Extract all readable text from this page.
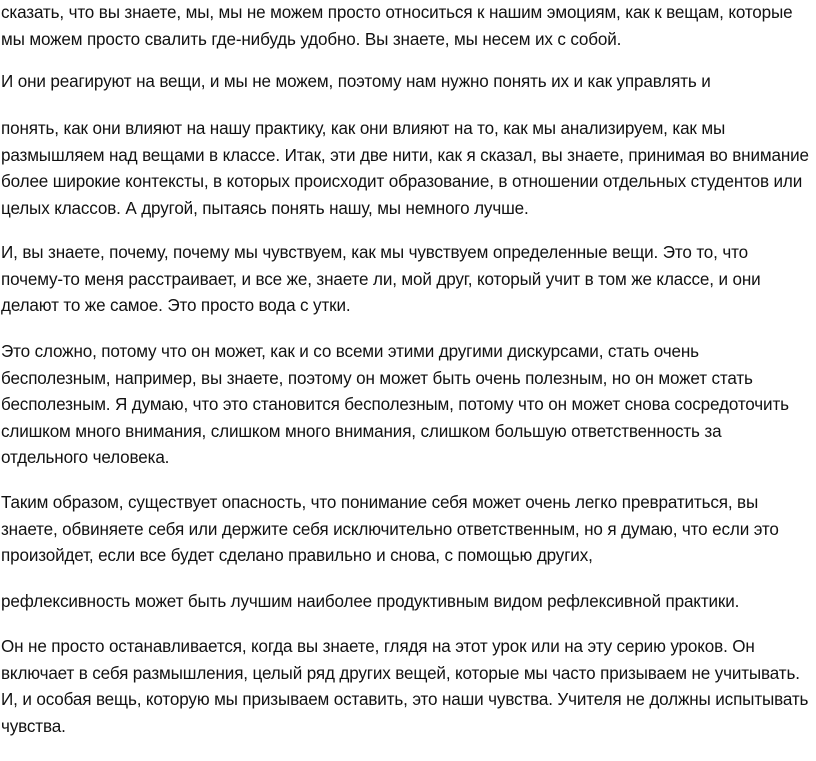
сказать, что вы знаете, мы, мы не можем просто относиться к нашим эмоциям, как к вещам, которые мы можем просто свалить где-нибудь удобно. Вы знаете, мы несем их с собой.

И они реагируют на вещи, и мы не можем, поэтому нам нужно понять их и как управлять и

понять, как они влияют на нашу практику, как они влияют на то, как мы анализируем, как мы размышляем над вещами в классе. Итак, эти две нити, как я сказал, вы знаете, принимая во внимание более широкие контексты, в которых происходит образование, в отношении отдельных студентов или целых классов. А другой, пытаясь понять нашу, мы немного лучше.

И, вы знаете, почему, почему мы чувствуем, как мы чувствуем определенные вещи. Это то, что почему-то меня расстраивает, и все же, знаете ли, мой друг, который учит в том же классе, и они делают то же самое. Это просто вода с утки.

Это сложно, потому что он может, как и со всеми этими другими дискурсами, стать очень бесполезным, например, вы знаете, поэтому он может быть очень полезным, но он может стать бесполезным. Я думаю, что это становится бесполезным, потому что он может снова сосредоточить слишком много внимания, слишком много внимания, слишком большую ответственность за отдельного человека.

Таким образом, существует опасность, что понимание себя может очень легко превратиться, вы знаете, обвиняете себя или держите себя исключительно ответственным, но я думаю, что если это произойдет, если все будет сделано правильно и снова, с помощью других,

рефлексивность может быть лучшим наиболее продуктивным видом рефлексивной практики.

Он не просто останавливается, когда вы знаете, глядя на этот урок или на эту серию уроков. Он включает в себя размышления, целый ряд других вещей, которые мы часто призываем не учитывать. И, и особая вещь, которую мы призываем оставить, это наши чувства. Учителя не должны испытывать чувства.
